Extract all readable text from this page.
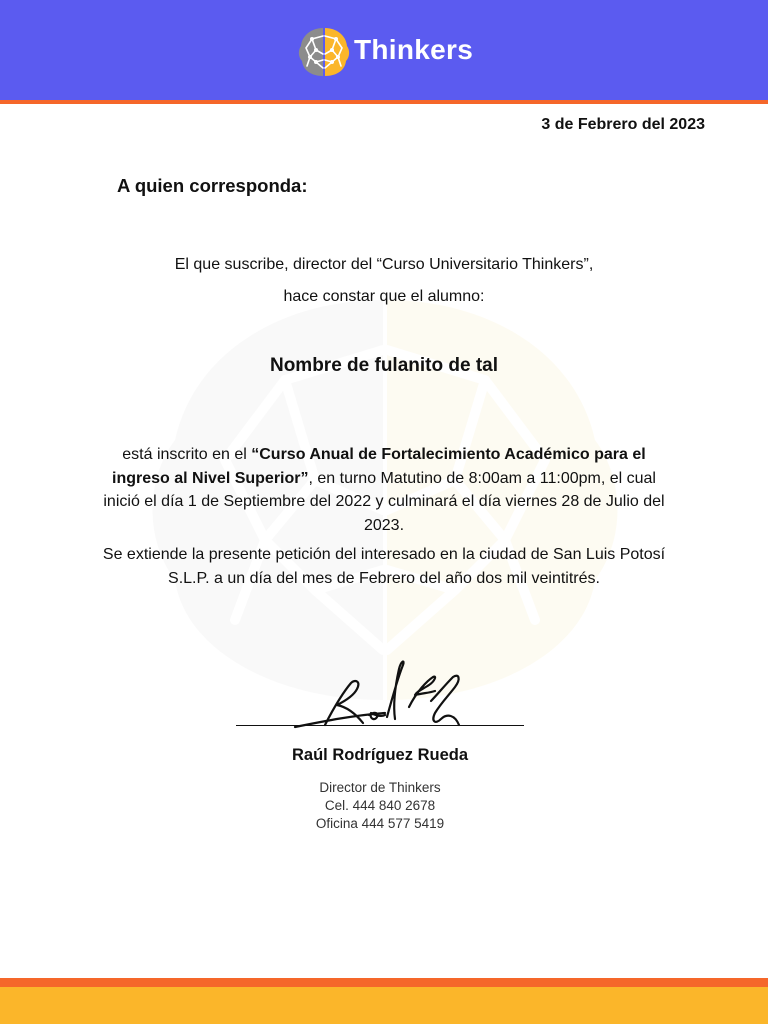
Thinkers
3 de Febrero del 2023
A quien corresponda:
El que suscribe, director del “Curso Universitario Thinkers”,
hace constar que el alumno:
Nombre de fulanito de tal
está inscrito en el “Curso Anual de Fortalecimiento Académico para el ingreso al Nivel Superior”, en turno Matutino de 8:00am a 11:00pm, el cual inició el día 1 de Septiembre del 2022 y culminará el día viernes 28 de Julio del 2023.
Se extiende la presente petición del interesado en la ciudad de San Luis Potosí S.L.P. a un día del mes de Febrero del año dos mil veintitrés.
Raúl Rodríguez Rueda
Director de Thinkers
Cel. 444 840 2678
Oficina 444 577 5419
